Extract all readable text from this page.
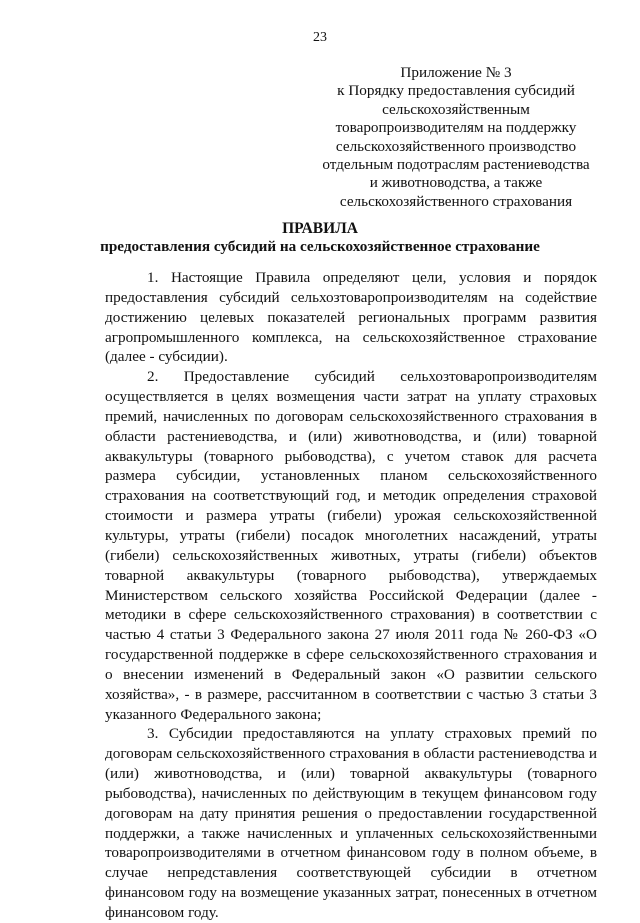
23
Приложение № 3
к Порядку предоставления субсидий
сельскохозяйственным
товаропроизводителям на поддержку
сельскохозяйственного производство
отдельным подотраслям растениеводства
и животноводства, а также
сельскохозяйственного страхования
ПРАВИЛА
предоставления субсидий на сельскохозяйственное страхование

1. Настоящие Правила определяют цели, условия и порядок предоставления субсидий сельхозтоваропроизводителям на содействие достижению целевых показателей региональных программ развития агропромышленного комплекса, на сельскохозяйственное страхование (далее - субсидии).

2. Предоставление субсидий сельхозтоваропроизводителям осуществляется в целях возмещения части затрат на уплату страховых премий, начисленных по договорам сельскохозяйственного страхования в области растениеводства, и (или) животноводства, и (или) товарной аквакультуры (товарного рыбоводства), с учетом ставок для расчета размера субсидии, установленных планом сельскохозяйственного страхования на соответствующий год, и методик определения страховой стоимости и размера утраты (гибели) урожая сельскохозяйственной культуры, утраты (гибели) посадок многолетних насаждений, утраты (гибели) сельскохозяйственных животных, утраты (гибели) объектов товарной аквакультуры (товарного рыбоводства), утверждаемых Министерством сельского хозяйства Российской Федерации (далее - методики в сфере сельскохозяйственного страхования) в соответствии с частью 4 статьи 3 Федерального закона 27 июля 2011 года № 260-ФЗ «О государственной поддержке в сфере сельскохозяйственного страхования и о внесении изменений в Федеральный закон «О развитии сельского хозяйства», - в размере, рассчитанном в соответствии с частью 3 статьи 3 указанного Федерального закона;

3. Субсидии предоставляются на уплату страховых премий по договорам сельскохозяйственного страхования в области растениеводства и (или) животноводства, и (или) товарной аквакультуры (товарного рыбоводства), начисленных по действующим в текущем финансовом году договорам на дату принятия решения о предоставлении государственной поддержки, а также начисленных и уплаченных сельскохозяйственными товаропроизводителями в отчетном финансовом году в полном объеме, в случае непредставления соответствующей субсидии в отчетном финансовом году на возмещение указанных затрат, понесенных в отчетном финансовом году.
